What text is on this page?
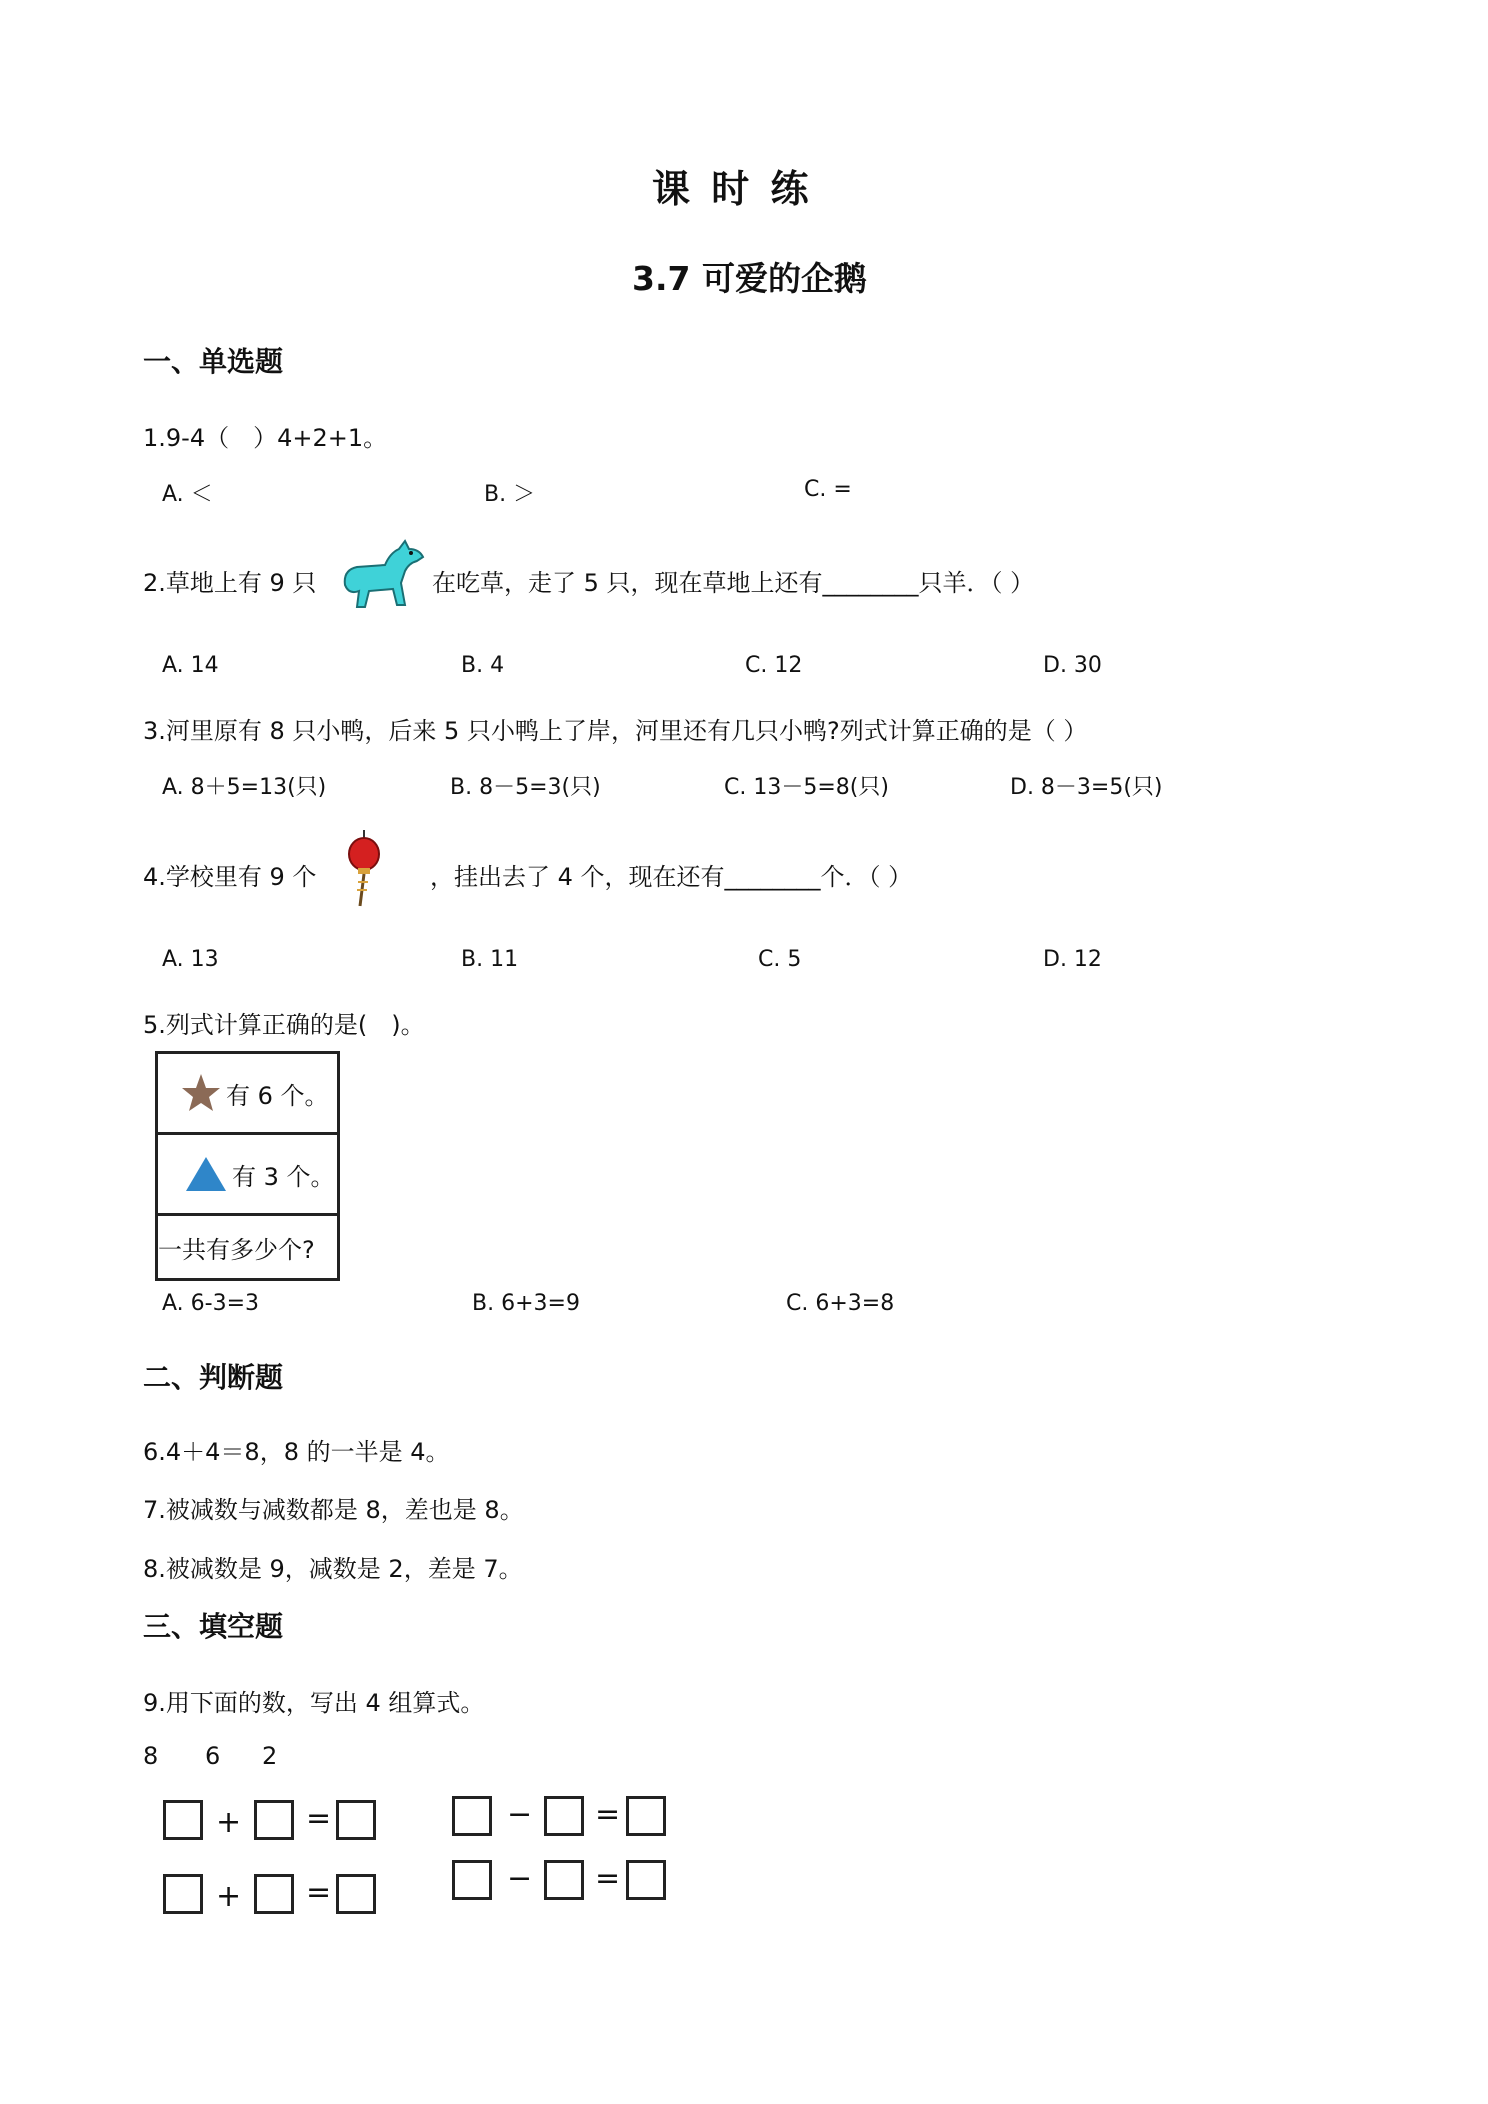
课 时 练
3.7 可爱的企鹅
一、单选题
1.9-4（　）4+2+1。
A. ＜	B. ＞	C. =
2.草地上有 9 只	在吃草，走了 5 只，现在草地上还有________只羊．（ ）
A. 14	B. 4	C. 12	D. 30
3.河里原有 8 只小鸭，后来 5 只小鸭上了岸，河里还有几只小鸭?列式计算正确的是（ ）
A. 8＋5=13(只)	B. 8－5=3(只)	C. 13－5=8(只)	D. 8－3=5(只)
4.学校里有 9 个	，挂出去了 4 个，现在还有________个．（ ）
A. 13	B. 11	C. 5	D. 12
5.列式计算正确的是(　)。
有 6 个。

有 3 个。

一共有多少个?
A. 6-3=3	B. 6+3=9	C. 6+3=8
二、判断题
6.4＋4＝8，8 的一半是 4。
7.被减数与减数都是 8，差也是 8。
8.被减数是 9，减数是 2，差是 7。
三、填空题
9.用下面的数，写出 4 组算式。
8 6 2
+ =	− =
+ =	− =
